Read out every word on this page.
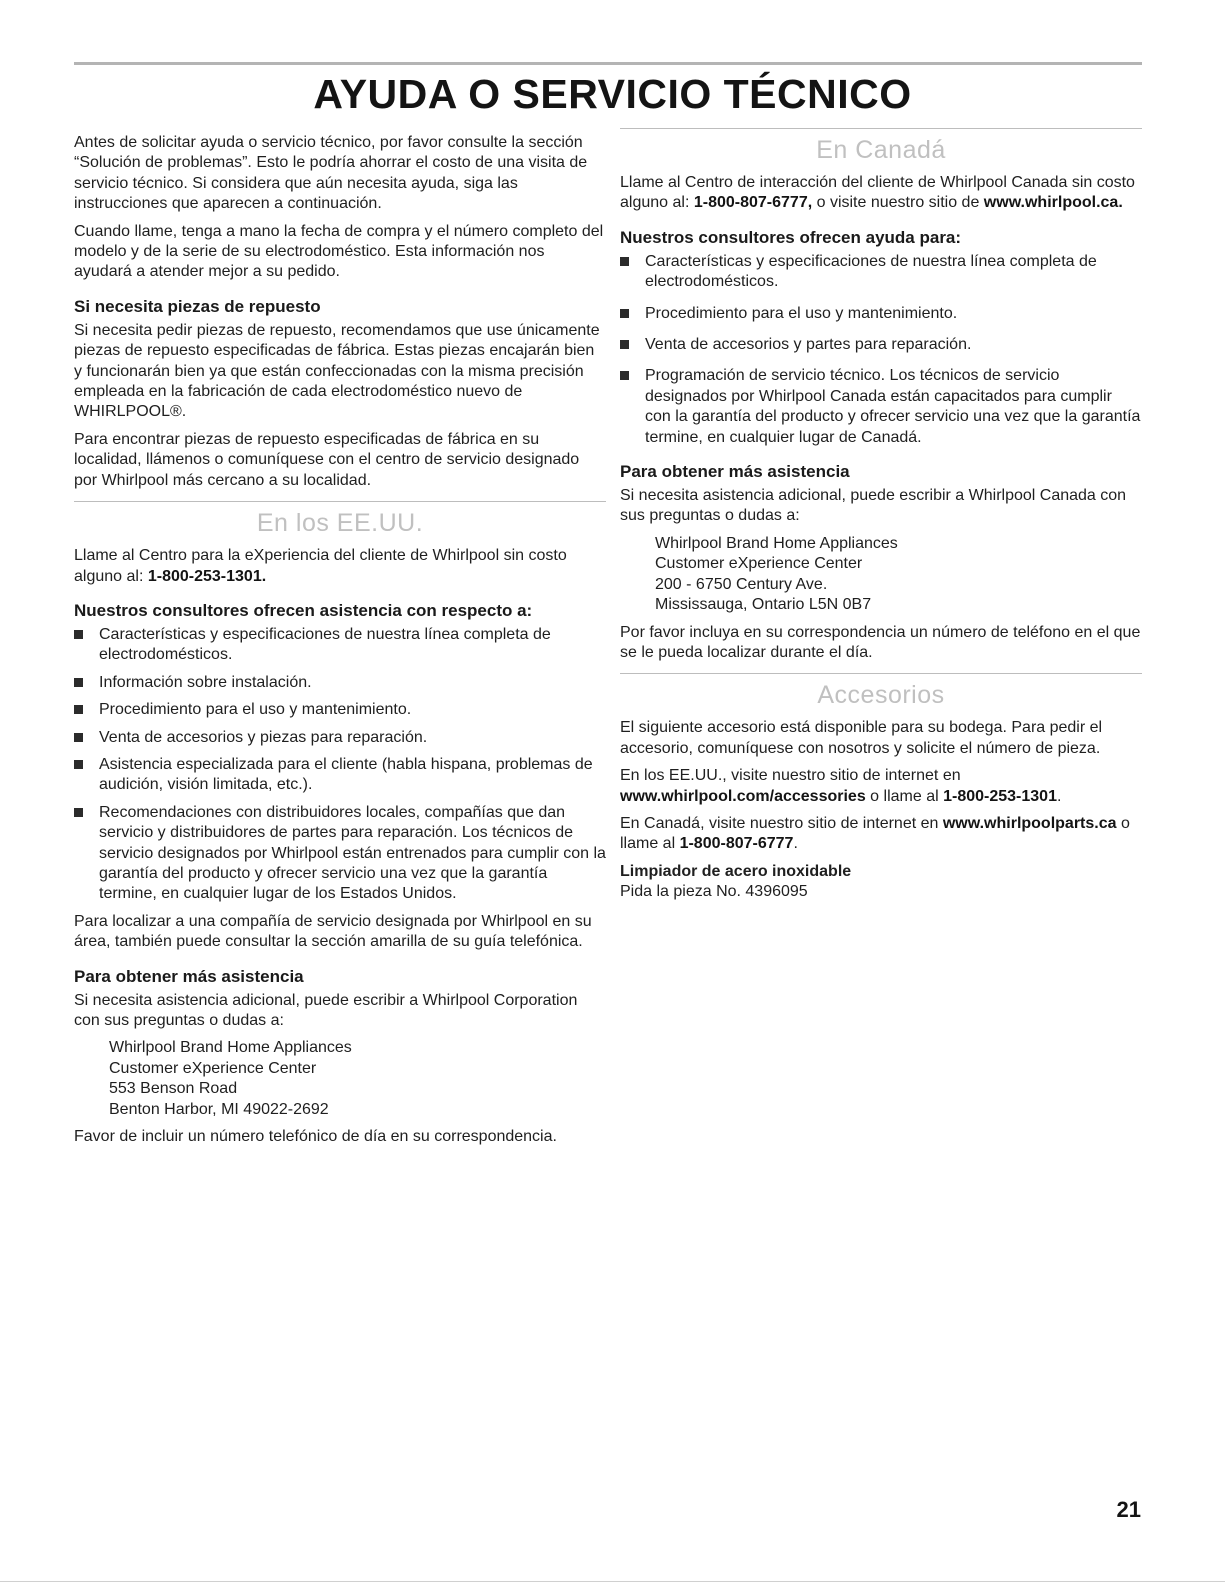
AYUDA O SERVICIO TÉCNICO

Antes de solicitar ayuda o servicio técnico, por favor consulte la sección “Solución de problemas”. Esto le podría ahorrar el costo de una visita de servicio técnico. Si considera que aún necesita ayuda, siga las instrucciones que aparecen a continuación.

Cuando llame, tenga a mano la fecha de compra y el número completo del modelo y de la serie de su electrodoméstico. Esta información nos ayudará a atender mejor a su pedido.

Si necesita piezas de repuesto

Si necesita pedir piezas de repuesto, recomendamos que use únicamente piezas de repuesto especificadas de fábrica. Estas piezas encajarán bien y funcionarán bien ya que están confeccionadas con la misma precisión empleada en la fabricación de cada electrodoméstico nuevo de WHIRLPOOL®.

Para encontrar piezas de repuesto especificadas de fábrica en su localidad, llámenos o comuníquese con el centro de servicio designado por Whirlpool más cercano a su localidad.

En los EE.UU.

Llame al Centro para la eXperiencia del cliente de Whirlpool sin costo alguno al: 1-800-253-1301.

Nuestros consultores ofrecen asistencia con respecto a:
Características y especificaciones de nuestra línea completa de electrodomésticos.
Información sobre instalación.
Procedimiento para el uso y mantenimiento.
Venta de accesorios y piezas para reparación.
Asistencia especializada para el cliente (habla hispana, problemas de audición, visión limitada, etc.).
Recomendaciones con distribuidores locales, compañías que dan servicio y distribuidores de partes para reparación. Los técnicos de servicio designados por Whirlpool están entrenados para cumplir con la garantía del producto y ofrecer servicio una vez que la garantía termine, en cualquier lugar de los Estados Unidos.

Para localizar a una compañía de servicio designada por Whirlpool en su área, también puede consultar la sección amarilla de su guía telefónica.

Para obtener más asistencia

Si necesita asistencia adicional, puede escribir a Whirlpool Corporation con sus preguntas o dudas a:

Whirlpool Brand Home Appliances
Customer eXperience Center
553 Benson Road
Benton Harbor, MI 49022-2692

Favor de incluir un número telefónico de día en su correspondencia.

En Canadá

Llame al Centro de interacción del cliente de Whirlpool Canada sin costo alguno al: 1-800-807-6777, o visite nuestro sitio de www.whirlpool.ca.

Nuestros consultores ofrecen ayuda para:
Características y especificaciones de nuestra línea completa de electrodomésticos.
Procedimiento para el uso y mantenimiento.
Venta de accesorios y partes para reparación.
Programación de servicio técnico. Los técnicos de servicio designados por Whirlpool Canada están capacitados para cumplir con la garantía del producto y ofrecer servicio una vez que la garantía termine, en cualquier lugar de Canadá.
Para obtener más asistencia

Si necesita asistencia adicional, puede escribir a Whirlpool Canada con sus preguntas o dudas a:

Whirlpool Brand Home Appliances
Customer eXperience Center
200 - 6750 Century Ave.
Mississauga, Ontario L5N 0B7

Por favor incluya en su correspondencia un número de teléfono en el que se le pueda localizar durante el día.

Accesorios

El siguiente accesorio está disponible para su bodega. Para pedir el accesorio, comuníquese con nosotros y solicite el número de pieza.

En los EE.UU., visite nuestro sitio de internet en www.whirlpool.com/accessories o llame al 1-800-253-1301.

En Canadá, visite nuestro sitio de internet en www.whirlpoolparts.ca o llame al 1-800-807-6777.

Limpiador de acero inoxidable
Pida la pieza No. 4396095
21
